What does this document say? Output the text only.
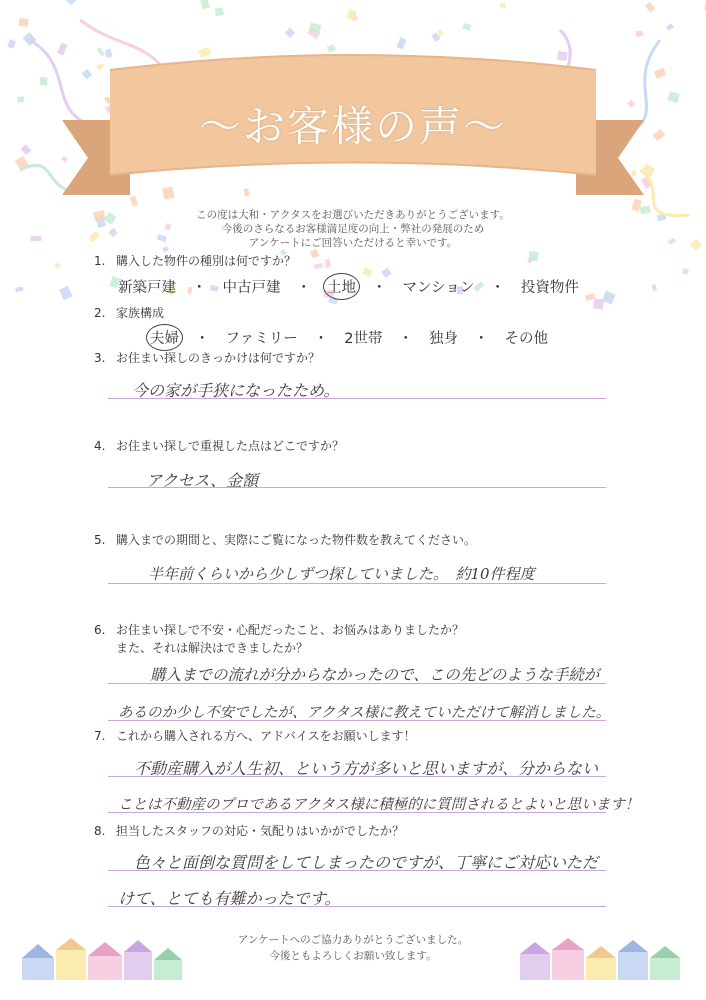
〜お客様の声〜
この度は大和・アクタスをお選びいただきありがとうございます。
今後のさらなるお客様満足度の向上・弊社の発展のため
アンケートにご回答いただけると幸いです。
1. 購入した物件の種別は何ですか？
新築戸建 ・ 中古戸建 ・ 土地 ・ マンション ・ 投資物件
2. 家族構成
夫婦 ・ ファミリー ・ 2世帯 ・ 独身 ・ その他
3. お住まい探しのきっかけは何ですか？
今の家が手狭になったため。
4. お住まい探しで重視した点はどこですか？
アクセス、金額
5. 購入までの期間と、実際にご覧になった物件数を教えてください。
半年前くらいから少しずつ探していました。　約10件程度
6. お住まい探しで不安・心配だったこと、お悩みはありましたか？
また、それは解決はできましたか？
購入までの流れが分からなかったので、この先どのような手続が
あるのか少し不安でしたが、アクタス様に教えていただけて解消しました。
7. これから購入される方へ、アドバイスをお願いします！
不動産購入が人生初、という方が多いと思いますが、分からない
ことは不動産のプロであるアクタス様に積極的に質問されるとよいと思います！
8. 担当したスタッフの対応・気配りはいかがでしたか？
色々と面倒な質問をしてしまったのですが、丁寧にご対応いただ
けて、とても有難かったです。
アンケートへのご協力ありがとうございました。
今後ともよろしくお願い致します。
